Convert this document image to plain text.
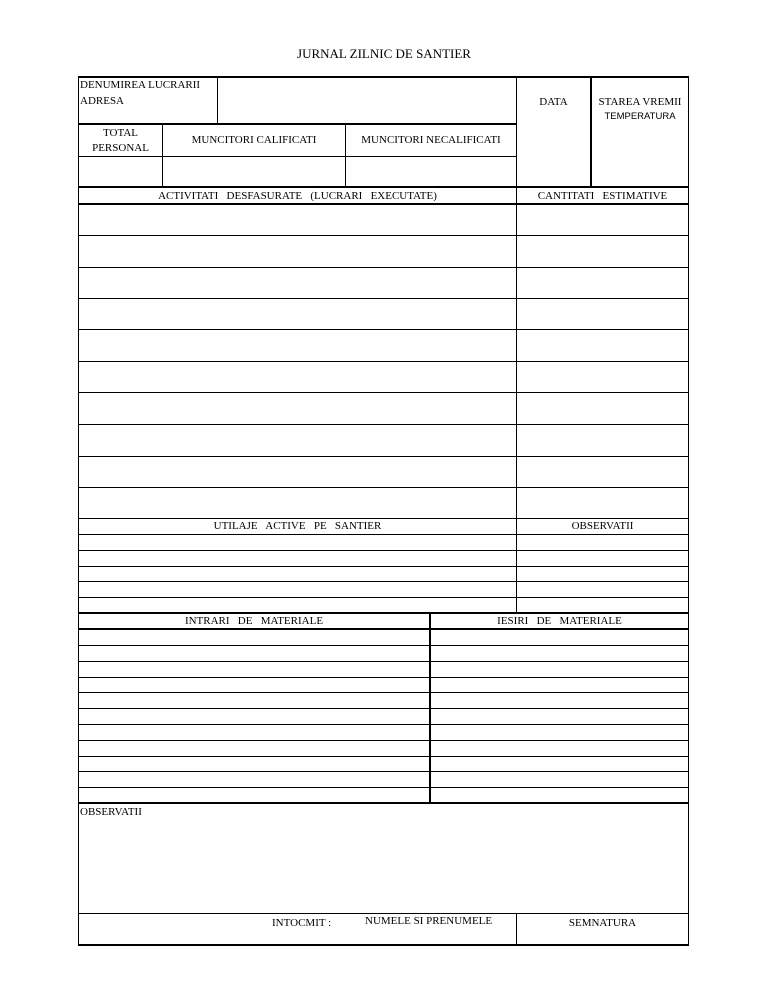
JURNAL ZILNIC DE SANTIER
DENUMIREA LUCRARII
ADRESA	DATA	STAREA VREMII
TEMPERATURA
TOTAL
PERSONAL
MUNCITORI CALIFICATI	MUNCITORI NECALIFICATI
ACTIVITATI   DESFASURATE   (LUCRARI   EXECUTATE)	CANTITATI   ESTIMATIVE
UTILAJE   ACTIVE   PE   SANTIER	OBSERVATII
INTRARI   DE   MATERIALE	IESIRI   DE   MATERIALE
OBSERVATII
INTOCMIT :	NUMELE SI PRENUMELE	SEMNATURA
